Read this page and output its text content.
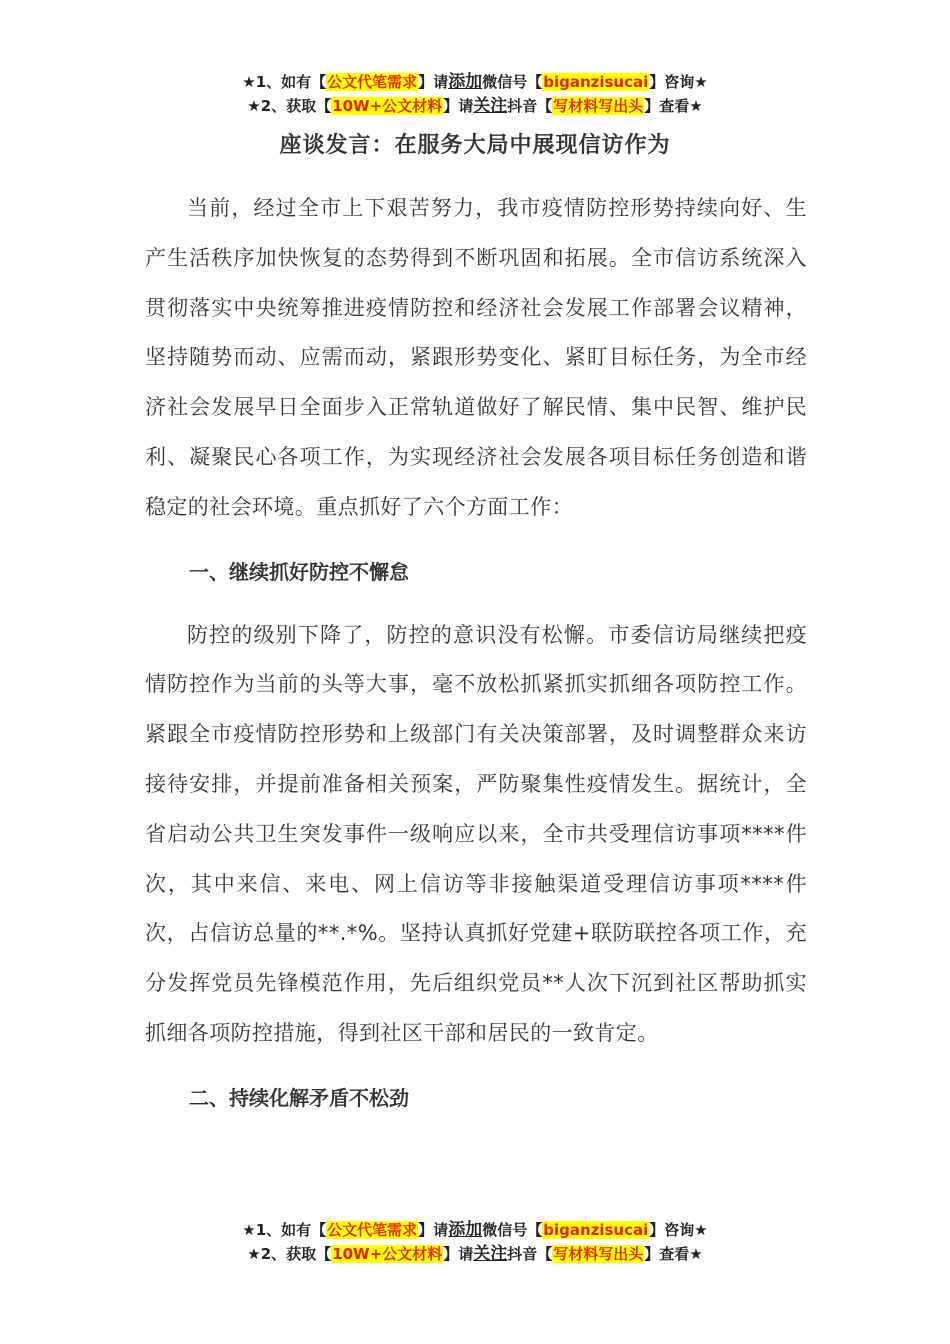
★1、如有【公文代笔需求】请添加微信号【biganzisucai】咨询★
★2、获取【10W+公文材料】请关注抖音【写材料写出头】查看★
座谈发言：在服务大局中展现信访作为

当前，经过全市上下艰苦努力，我市疫情防控形势持续向好、生产生活秩序加快恢复的态势得到不断巩固和拓展。全市信访系统深入贯彻落实中央统筹推进疫情防控和经济社会发展工作部署会议精神，坚持随势而动、应需而动，紧跟形势变化、紧盯目标任务，为全市经济社会发展早日全面步入正常轨道做好了解民情、集中民智、维护民利、凝聚民心各项工作，为实现经济社会发展各项目标任务创造和谐稳定的社会环境。重点抓好了六个方面工作：

一、继续抓好防控不懈怠

防控的级别下降了，防控的意识没有松懈。市委信访局继续把疫情防控作为当前的头等大事，毫不放松抓紧抓实抓细各项防控工作。紧跟全市疫情防控形势和上级部门有关决策部署，及时调整群众来访接待安排，并提前准备相关预案，严防聚集性疫情发生。据统计，全省启动公共卫生突发事件一级响应以来，全市共受理信访事项****件次，其中来信、来电、网上信访等非接触渠道受理信访事项****件次，占信访总量的**.*%。坚持认真抓好党建+联防联控各项工作，充分发挥党员先锋模范作用，先后组织党员**人次下沉到社区帮助抓实抓细各项防控措施，得到社区干部和居民的一致肯定。

二、持续化解矛盾不松劲

★1、如有【公文代笔需求】请添加微信号【biganzisucai】咨询★
★2、获取【10W+公文材料】请关注抖音【写材料写出头】查看★
